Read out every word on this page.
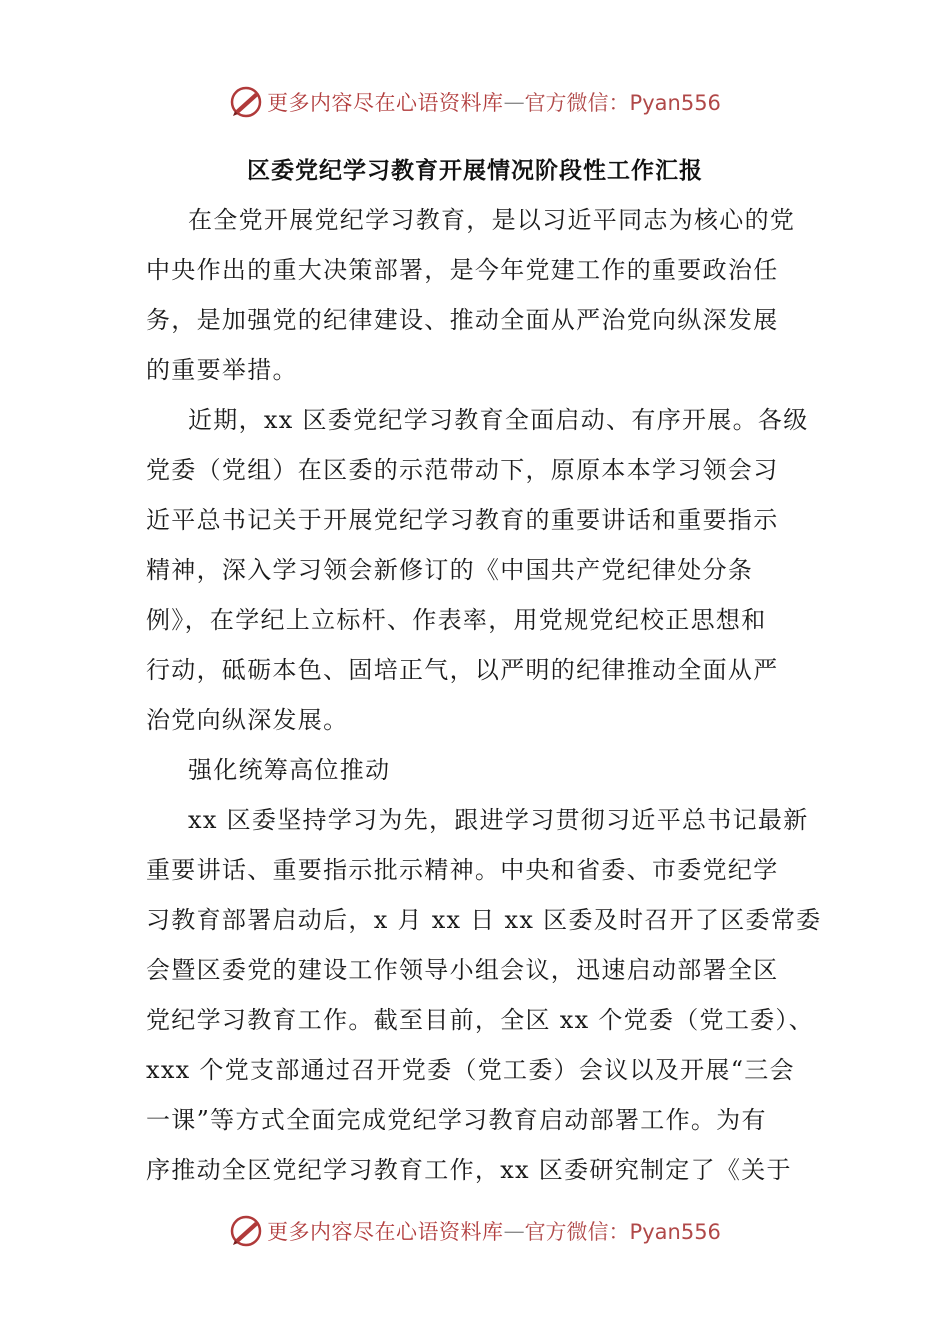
更多内容尽在心语资料库 — 官方微信：Pyan556
区委党纪学习教育开展情况阶段性工作汇报
在全党开展党纪学习教育，是以习近平同志为核心的党
中央作出的重大决策部署，是今年党建工作的重要政治任
务，是加强党的纪律建设、推动全面从严治党向纵深发展
的重要举措。
近期，xx 区委党纪学习教育全面启动、有序开展。各级
党委（党组）在区委的示范带动下，原原本本学习领会习
近平总书记关于开展党纪学习教育的重要讲话和重要指示
精神，深入学习领会新修订的《中国共产党纪律处分条
例》，在学纪上立标杆、作表率，用党规党纪校正思想和
行动，砥砺本色、固培正气，以严明的纪律推动全面从严
治党向纵深发展。
强化统筹高位推动
xx 区委坚持学习为先，跟进学习贯彻习近平总书记最新
重要讲话、重要指示批示精神。中央和省委、市委党纪学
习教育部署启动后，x 月 xx 日 xx 区委及时召开了区委常委
会暨区委党的建设工作领导小组会议，迅速启动部署全区
党纪学习教育工作。截至目前，全区 xx 个党委（党工委）、
xxx 个党支部通过召开党委（党工委）会议以及开展“三会
一课”等方式全面完成党纪学习教育启动部署工作。为有
序推动全区党纪学习教育工作，xx 区委研究制定了《关于
更多内容尽在心语资料库 — 官方微信：Pyan556
